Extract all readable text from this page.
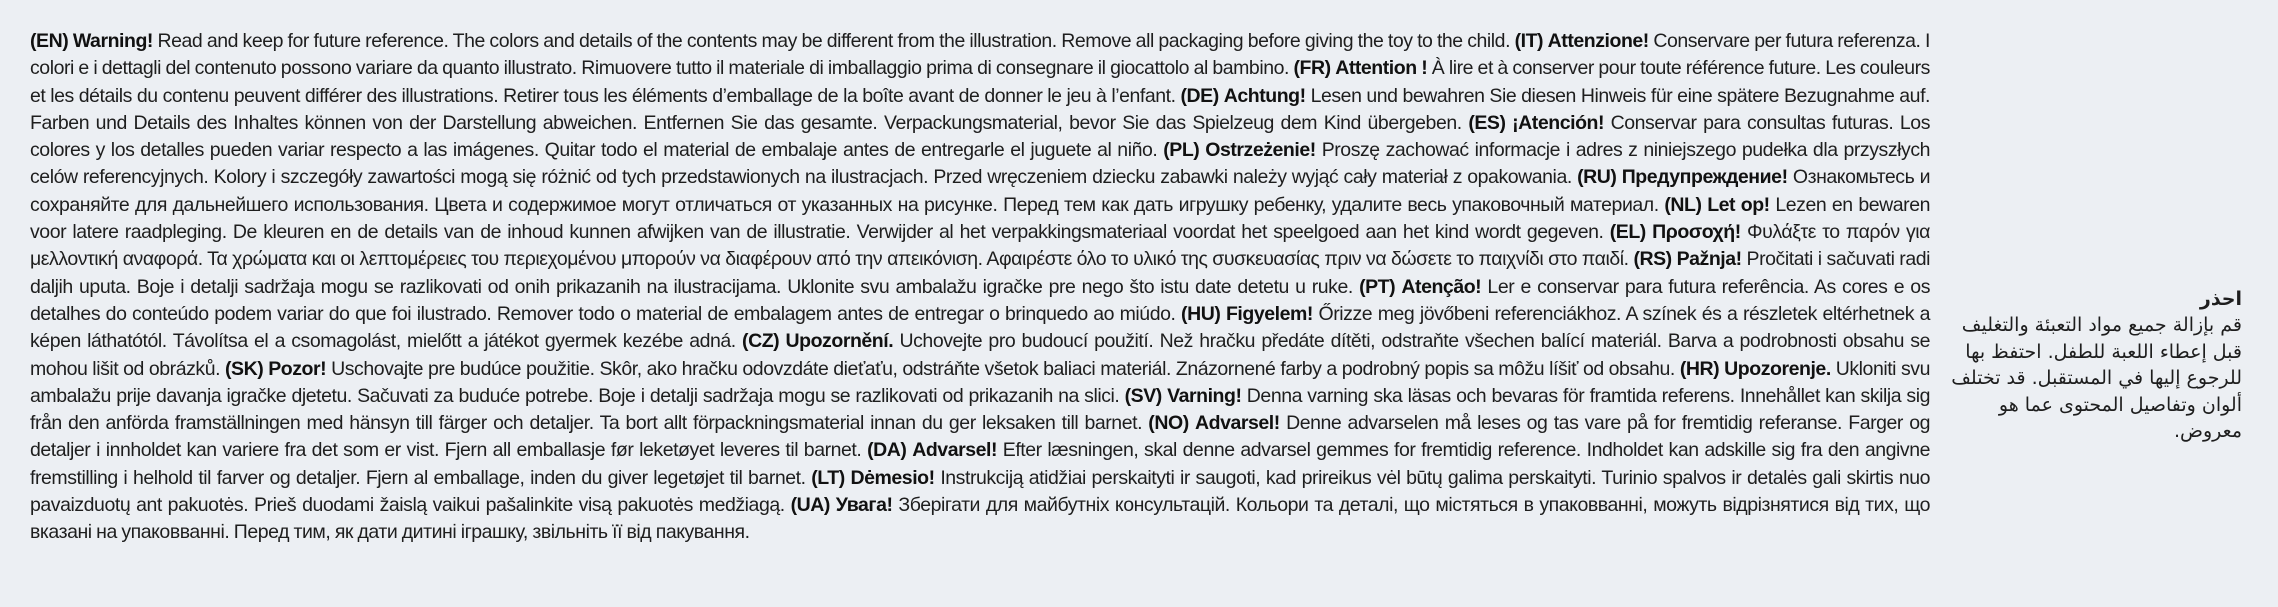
(EN) Warning! Read and keep for future reference. The colors and details of the contents may be different from the illustration. Remove all packaging before giving the toy to the child. (IT) Attenzione! Conservare per futura referenza. I colori e i dettagli del contenuto possono variare da quanto illustrato. Rimuovere tutto il materiale di imballaggio prima di consegnare il giocattolo al bambino. (FR) Attention ! À lire et à conserver pour toute référence future. Les couleurs et les détails du contenu peuvent différer des illustrations. Retirer tous les éléments d’emballage de la boîte avant de donner le jeu à l’enfant. (DE) Achtung! Lesen und bewahren Sie diesen Hinweis für eine spätere Bezugnahme auf. Farben und Details des Inhaltes können von der Darstellung abweichen. Entfernen Sie das gesamte. Verpackungsmaterial, bevor Sie das Spielzeug dem Kind übergeben. (ES) ¡Atención! Conservar para consultas futuras. Los colores y los detalles pueden variar respecto a las imágenes. Quitar todo el material de embalaje antes de entregarle el juguete al niño. (PL) Ostrzeżenie! Proszę zachować informacje i adres z niniejszego pudełka dla przyszłych celów referencyjnych. Kolory i szczegóły zawartości mogą się różnić od tych przedstawionych na ilustracjach. Przed wręczeniem dziecku zabawki należy wyjąć cały materiał z opakowania. (RU) Предупреждение! Ознакомьтесь и сохраняйте для дальнейшего использования. Цвета и содержимое могут отличаться от указанных на рисунке. Перед тем как дать игрушку ребенку, удалите весь упаковочный материал. (NL) Let op! Lezen en bewaren voor latere raadpleging. De kleuren en de details van de inhoud kunnen afwijken van de illustratie. Verwijder al het verpakkingsmateriaal voordat het speelgoed aan het kind wordt gegeven. (EL) Προσοχή! Φυλάξτε το παρόν για μελλοντική αναφορά. Τα χρώματα και οι λεπτομέρειες του περιεχομένου μπορούν να διαφέρουν από την απεικόνιση. Αφαιρέστε όλο το υλικό της συσκευασίας πριν να δώσετε το παιχνίδι στο παιδί. (RS) Pažnja! Pročitati i sačuvati radi daljih uputa. Boje i detalji sadržaja mogu se razlikovati od onih prikazanih na ilustracijama. Uklonite svu ambalažu igračke pre nego što istu date detetu u ruke. (PT) Atenção! Ler e conservar para futura referência. As cores e os detalhes do conteúdo podem variar do que foi ilustrado. Remover todo o material de embalagem antes de entregar o brinquedo ao miúdo. (HU) Figyelem! Őrizze meg jövőbeni referenciákhoz. A színek és a részletek eltérhetnek a képen láthatótól. Távolítsa el a csomagolást, mielőtt a játékot gyermek kezébe adná. (CZ) Upozornění. Uchovejte pro budoucí použití. Než hračku předáte dítěti, odstraňte všechen balící materiál. Barva a podrobnosti obsahu se mohou lišit od obrázků. (SK) Pozor! Uschovajte pre budúce použitie. Skôr, ako hračku odovzdáte dieťaťu, odstráňte všetok baliaci materiál. Znázornené farby a podrobný popis sa môžu líšiť od obsahu. (HR) Upozorenje. Ukloniti svu ambalažu prije davanja igračke djetetu. Sačuvati za buduće potrebe. Boje i detalji sadržaja mogu se razlikovati od prikazanih na slici. (SV) Varning! Denna varning ska läsas och bevaras för framtida referens. Innehållet kan skilja sig från den anförda framställningen med hänsyn till färger och detaljer. Ta bort allt förpackningsmaterial innan du ger leksaken till barnet. (NO) Advarsel! Denne advarselen må leses og tas vare på for fremtidig referanse. Farger og detaljer i innholdet kan variere fra det som er vist. Fjern all emballasje før leketøyet leveres til barnet. (DA) Advarsel! Efter læsningen, skal denne advarsel gemmes for fremtidig reference. Indholdet kan adskille sig fra den angivne fremstilling i helhold til farver og detaljer. Fjern al emballage, inden du giver legetøjet til barnet. (LT) Dėmesio! Instrukciją atidžiai perskaityti ir saugoti, kad prireikus vėl būtų galima perskaityti. Turinio spalvos ir detalės gali skirtis nuo pavaizduotų ant pakuotės. Prieš duodami žaislą vaikui pašalinkite visą pakuotės medžiagą. (UA) Увага! Зберігати для майбутніх консультацій. Кольори та деталі, що містяться в упаковванні, можуть відрізнятися від тих, що вказані на упаковванні. Перед тим, як дати дитині іграшку, звільніть її від пакування.
احذر
قم بإزالة جميع مواد التعبئة والتغليف قبل إعطاء اللعبة للطفل. احتفظ بها للرجوع إليها في المستقبل. قد تختلف ألوان وتفاصيل المحتوى عما هو معروض.
